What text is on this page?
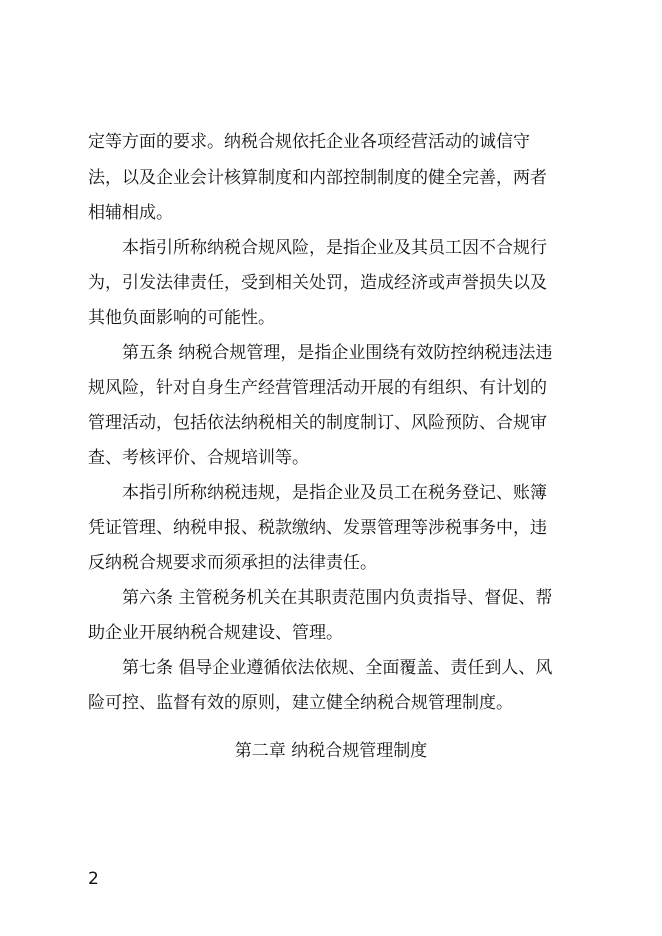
定等方面的要求。纳税合规依托企业各项经营活动的诚信守
法，以及企业会计核算制度和内部控制制度的健全完善，两者
相辅相成。
本指引所称纳税合规风险，是指企业及其员工因不合规行
为，引发法律责任，受到相关处罚，造成经济或声誉损失以及
其他负面影响的可能性。
第五条 纳税合规管理，是指企业围绕有效防控纳税违法违
规风险，针对自身生产经营管理活动开展的有组织、有计划的
管理活动，包括依法纳税相关的制度制订、风险预防、合规审
查、考核评价、合规培训等。
本指引所称纳税违规，是指企业及员工在税务登记、账簿
凭证管理、纳税申报、税款缴纳、发票管理等涉税事务中，违
反纳税合规要求而须承担的法律责任。
第六条 主管税务机关在其职责范围内负责指导、督促、帮
助企业开展纳税合规建设、管理。
第七条 倡导企业遵循依法依规、全面覆盖、责任到人、风
险可控、监督有效的原则，建立健全纳税合规管理制度。
第二章 纳税合规管理制度
2
